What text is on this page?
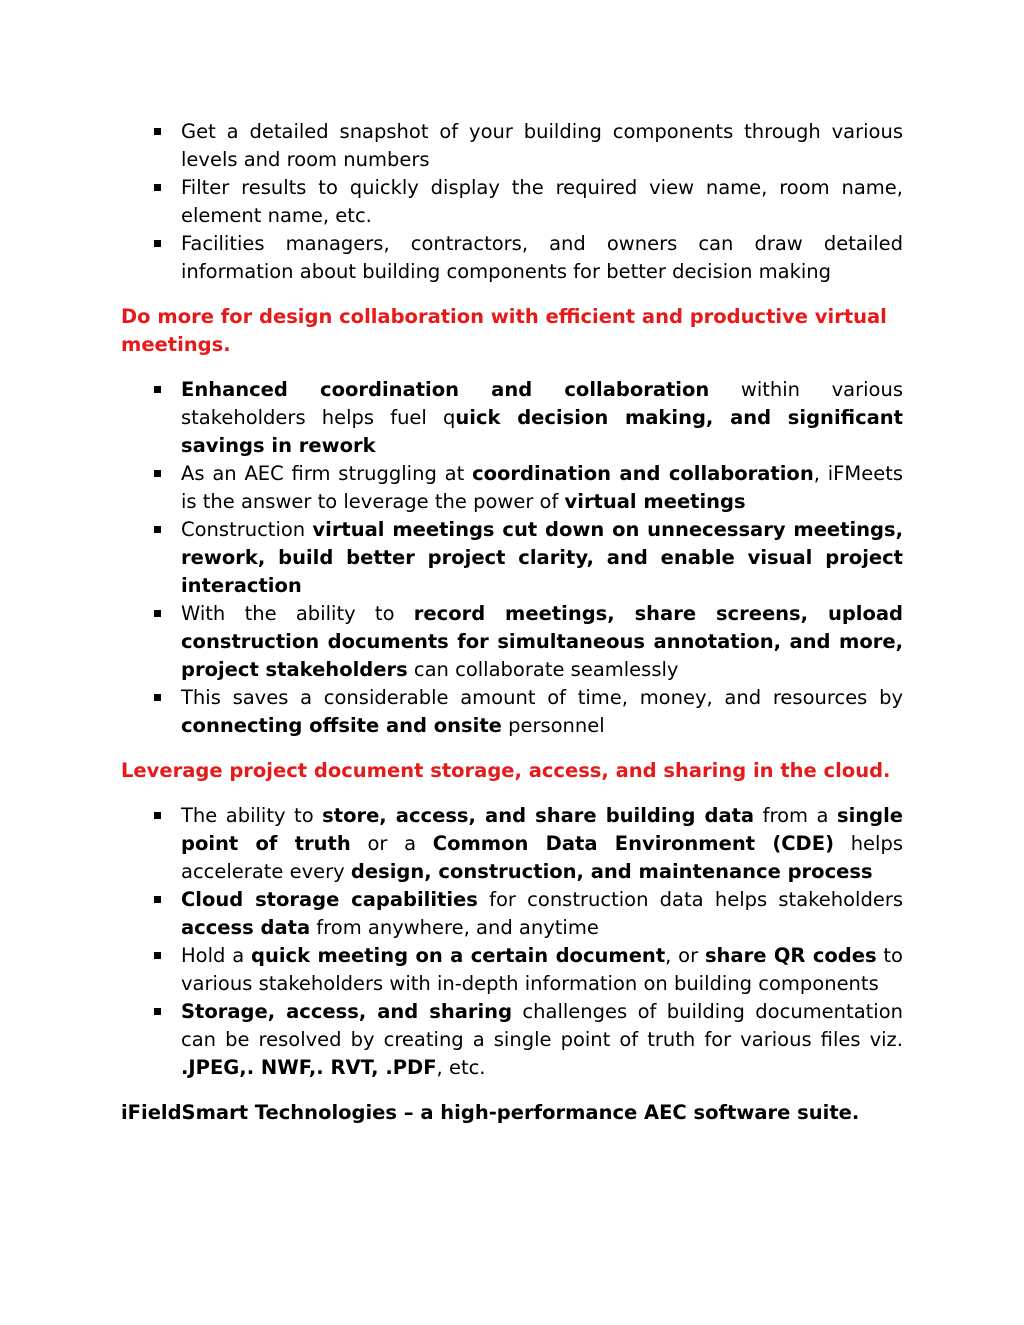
Get a detailed snapshot of your building components through various levels and room numbers
Filter results to quickly display the required view name, room name, element name, etc.
Facilities managers, contractors, and owners can draw detailed information about building components for better decision making

Do more for design collaboration with efficient and productive virtual meetings.

Enhanced coordination and collaboration within various stakeholders helps fuel quick decision making, and significant savings in rework
As an AEC firm struggling at coordination and collaboration, iFMeets is the answer to leverage the power of virtual meetings
Construction virtual meetings cut down on unnecessary meetings, rework, build better project clarity, and enable visual project interaction
With the ability to record meetings, share screens, upload construction documents for simultaneous annotation, and more, project stakeholders can collaborate seamlessly
This saves a considerable amount of time, money, and resources by connecting offsite and onsite personnel

Leverage project document storage, access, and sharing in the cloud.

The ability to store, access, and share building data from a single point of truth or a Common Data Environment (CDE) helps accelerate every design, construction, and maintenance process
Cloud storage capabilities for construction data helps stakeholders access data from anywhere, and anytime
Hold a quick meeting on a certain document, or share QR codes to various stakeholders with in-depth information on building components
Storage, access, and sharing challenges of building documentation can be resolved by creating a single point of truth for various files viz. .JPEG,. NWF,. RVT, .PDF, etc.

iFieldSmart Technologies – a high-performance AEC software suite.
